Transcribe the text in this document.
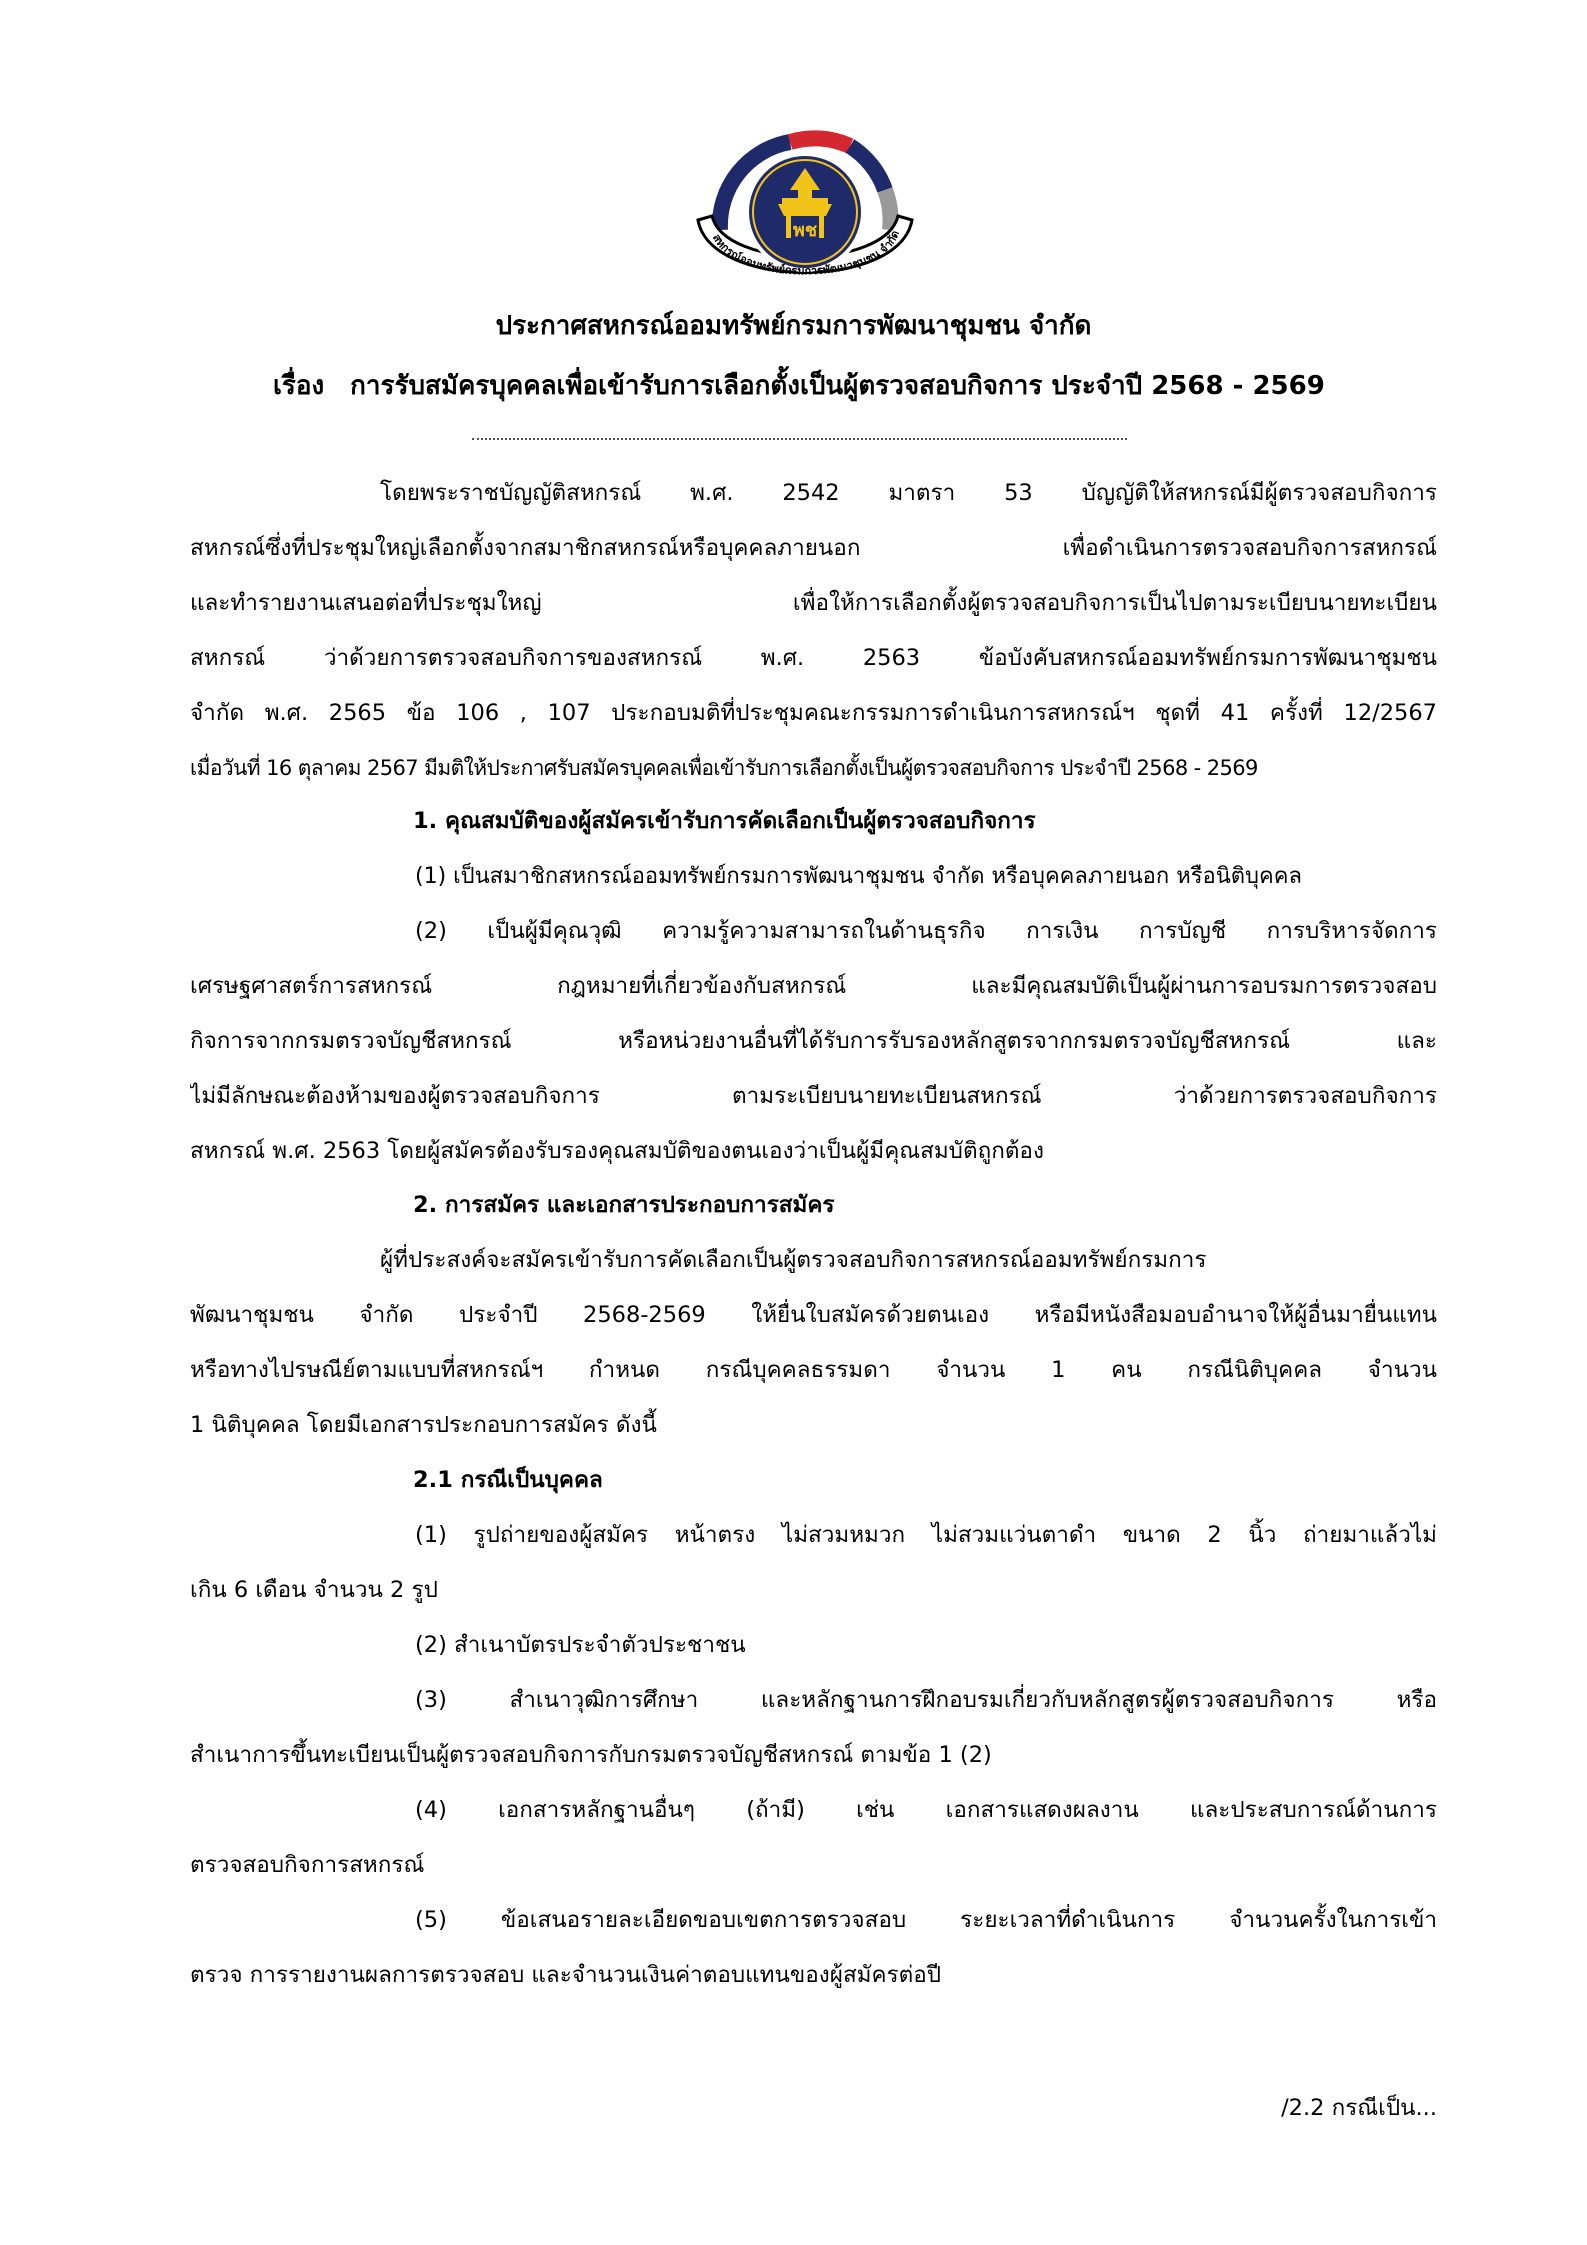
พช
สหกรณ์ออมทรัพย์กรมการพัฒนาชุมชน จำกัด
ประกาศสหกรณ์ออมทรัพย์กรมการพัฒนาชุมชน จำกัด
เรื่อง การรับสมัครบุคคลเพื่อเข้ารับการเลือกตั้งเป็นผู้ตรวจสอบกิจการ ประจำปี 2568 - 2569
โดยพระราชบัญญัติสหกรณ์ พ.ศ. 2542 มาตรา 53 บัญญัติให้สหกรณ์มีผู้ตรวจสอบกิจการ
สหกรณ์ซึ่งที่ประชุมใหญ่เลือกตั้งจากสมาชิกสหกรณ์หรือบุคคลภายนอก เพื่อดำเนินการตรวจสอบกิจการสหกรณ์
และทำรายงานเสนอต่อที่ประชุมใหญ่ เพื่อให้การเลือกตั้งผู้ตรวจสอบกิจการเป็นไปตามระเบียบนายทะเบียน
สหกรณ์ ว่าด้วยการตรวจสอบกิจการของสหกรณ์ พ.ศ. 2563 ข้อบังคับสหกรณ์ออมทรัพย์กรมการพัฒนาชุมชน
จำกัด พ.ศ. 2565 ข้อ 106 , 107 ประกอบมติที่ประชุมคณะกรรมการดำเนินการสหกรณ์ฯ ชุดที่ 41 ครั้งที่ 12/2567
เมื่อวันที่ 16 ตุลาคม 2567 มีมติให้ประกาศรับสมัครบุคคลเพื่อเข้ารับการเลือกตั้งเป็นผู้ตรวจสอบกิจการ ประจำปี 2568 - 2569
1. คุณสมบัติของผู้สมัครเข้ารับการคัดเลือกเป็นผู้ตรวจสอบกิจการ
(1) เป็นสมาชิกสหกรณ์ออมทรัพย์กรมการพัฒนาชุมชน จำกัด หรือบุคคลภายนอก หรือนิติบุคคล
(2) เป็นผู้มีคุณวุฒิ ความรู้ความสามารถในด้านธุรกิจ การเงิน การบัญชี การบริหารจัดการ
เศรษฐศาสตร์การสหกรณ์ กฎหมายที่เกี่ยวข้องกับสหกรณ์ และมีคุณสมบัติเป็นผู้ผ่านการอบรมการตรวจสอบ
กิจการจากกรมตรวจบัญชีสหกรณ์ หรือหน่วยงานอื่นที่ได้รับการรับรองหลักสูตรจากกรมตรวจบัญชีสหกรณ์ และ
ไม่มีลักษณะต้องห้ามของผู้ตรวจสอบกิจการ ตามระเบียบนายทะเบียนสหกรณ์ ว่าด้วยการตรวจสอบกิจการ
สหกรณ์ พ.ศ. 2563 โดยผู้สมัครต้องรับรองคุณสมบัติของตนเองว่าเป็นผู้มีคุณสมบัติถูกต้อง
2. การสมัคร และเอกสารประกอบการสมัคร
ผู้ที่ประสงค์จะสมัครเข้ารับการคัดเลือกเป็นผู้ตรวจสอบกิจการสหกรณ์ออมทรัพย์กรมการ
พัฒนาชุมชน จำกัด ประจำปี 2568-2569 ให้ยื่นใบสมัครด้วยตนเอง หรือมีหนังสือมอบอำนาจให้ผู้อื่นมายื่นแทน
หรือทางไปรษณีย์ตามแบบที่สหกรณ์ฯ กำหนด กรณีบุคคลธรรมดา จำนวน 1 คน กรณีนิติบุคคล จำนวน
1 นิติบุคคล โดยมีเอกสารประกอบการสมัคร ดังนี้
2.1 กรณีเป็นบุคคล
(1) รูปถ่ายของผู้สมัคร หน้าตรง ไม่สวมหมวก ไม่สวมแว่นตาดำ ขนาด 2 นิ้ว ถ่ายมาแล้วไม่
เกิน 6 เดือน จำนวน 2 รูป
(2) สำเนาบัตรประจำตัวประชาชน
(3) สำเนาวุฒิการศึกษา และหลักฐานการฝึกอบรมเกี่ยวกับหลักสูตรผู้ตรวจสอบกิจการ หรือ
สำเนาการขึ้นทะเบียนเป็นผู้ตรวจสอบกิจการกับกรมตรวจบัญชีสหกรณ์ ตามข้อ 1 (2)
(4) เอกสารหลักฐานอื่นๆ (ถ้ามี) เช่น เอกสารแสดงผลงาน และประสบการณ์ด้านการ
ตรวจสอบกิจการสหกรณ์
(5) ข้อเสนอรายละเอียดขอบเขตการตรวจสอบ ระยะเวลาที่ดำเนินการ จำนวนครั้งในการเข้า
ตรวจ การรายงานผลการตรวจสอบ และจำนวนเงินค่าตอบแทนของผู้สมัครต่อปี
/2.2 กรณีเป็น...
